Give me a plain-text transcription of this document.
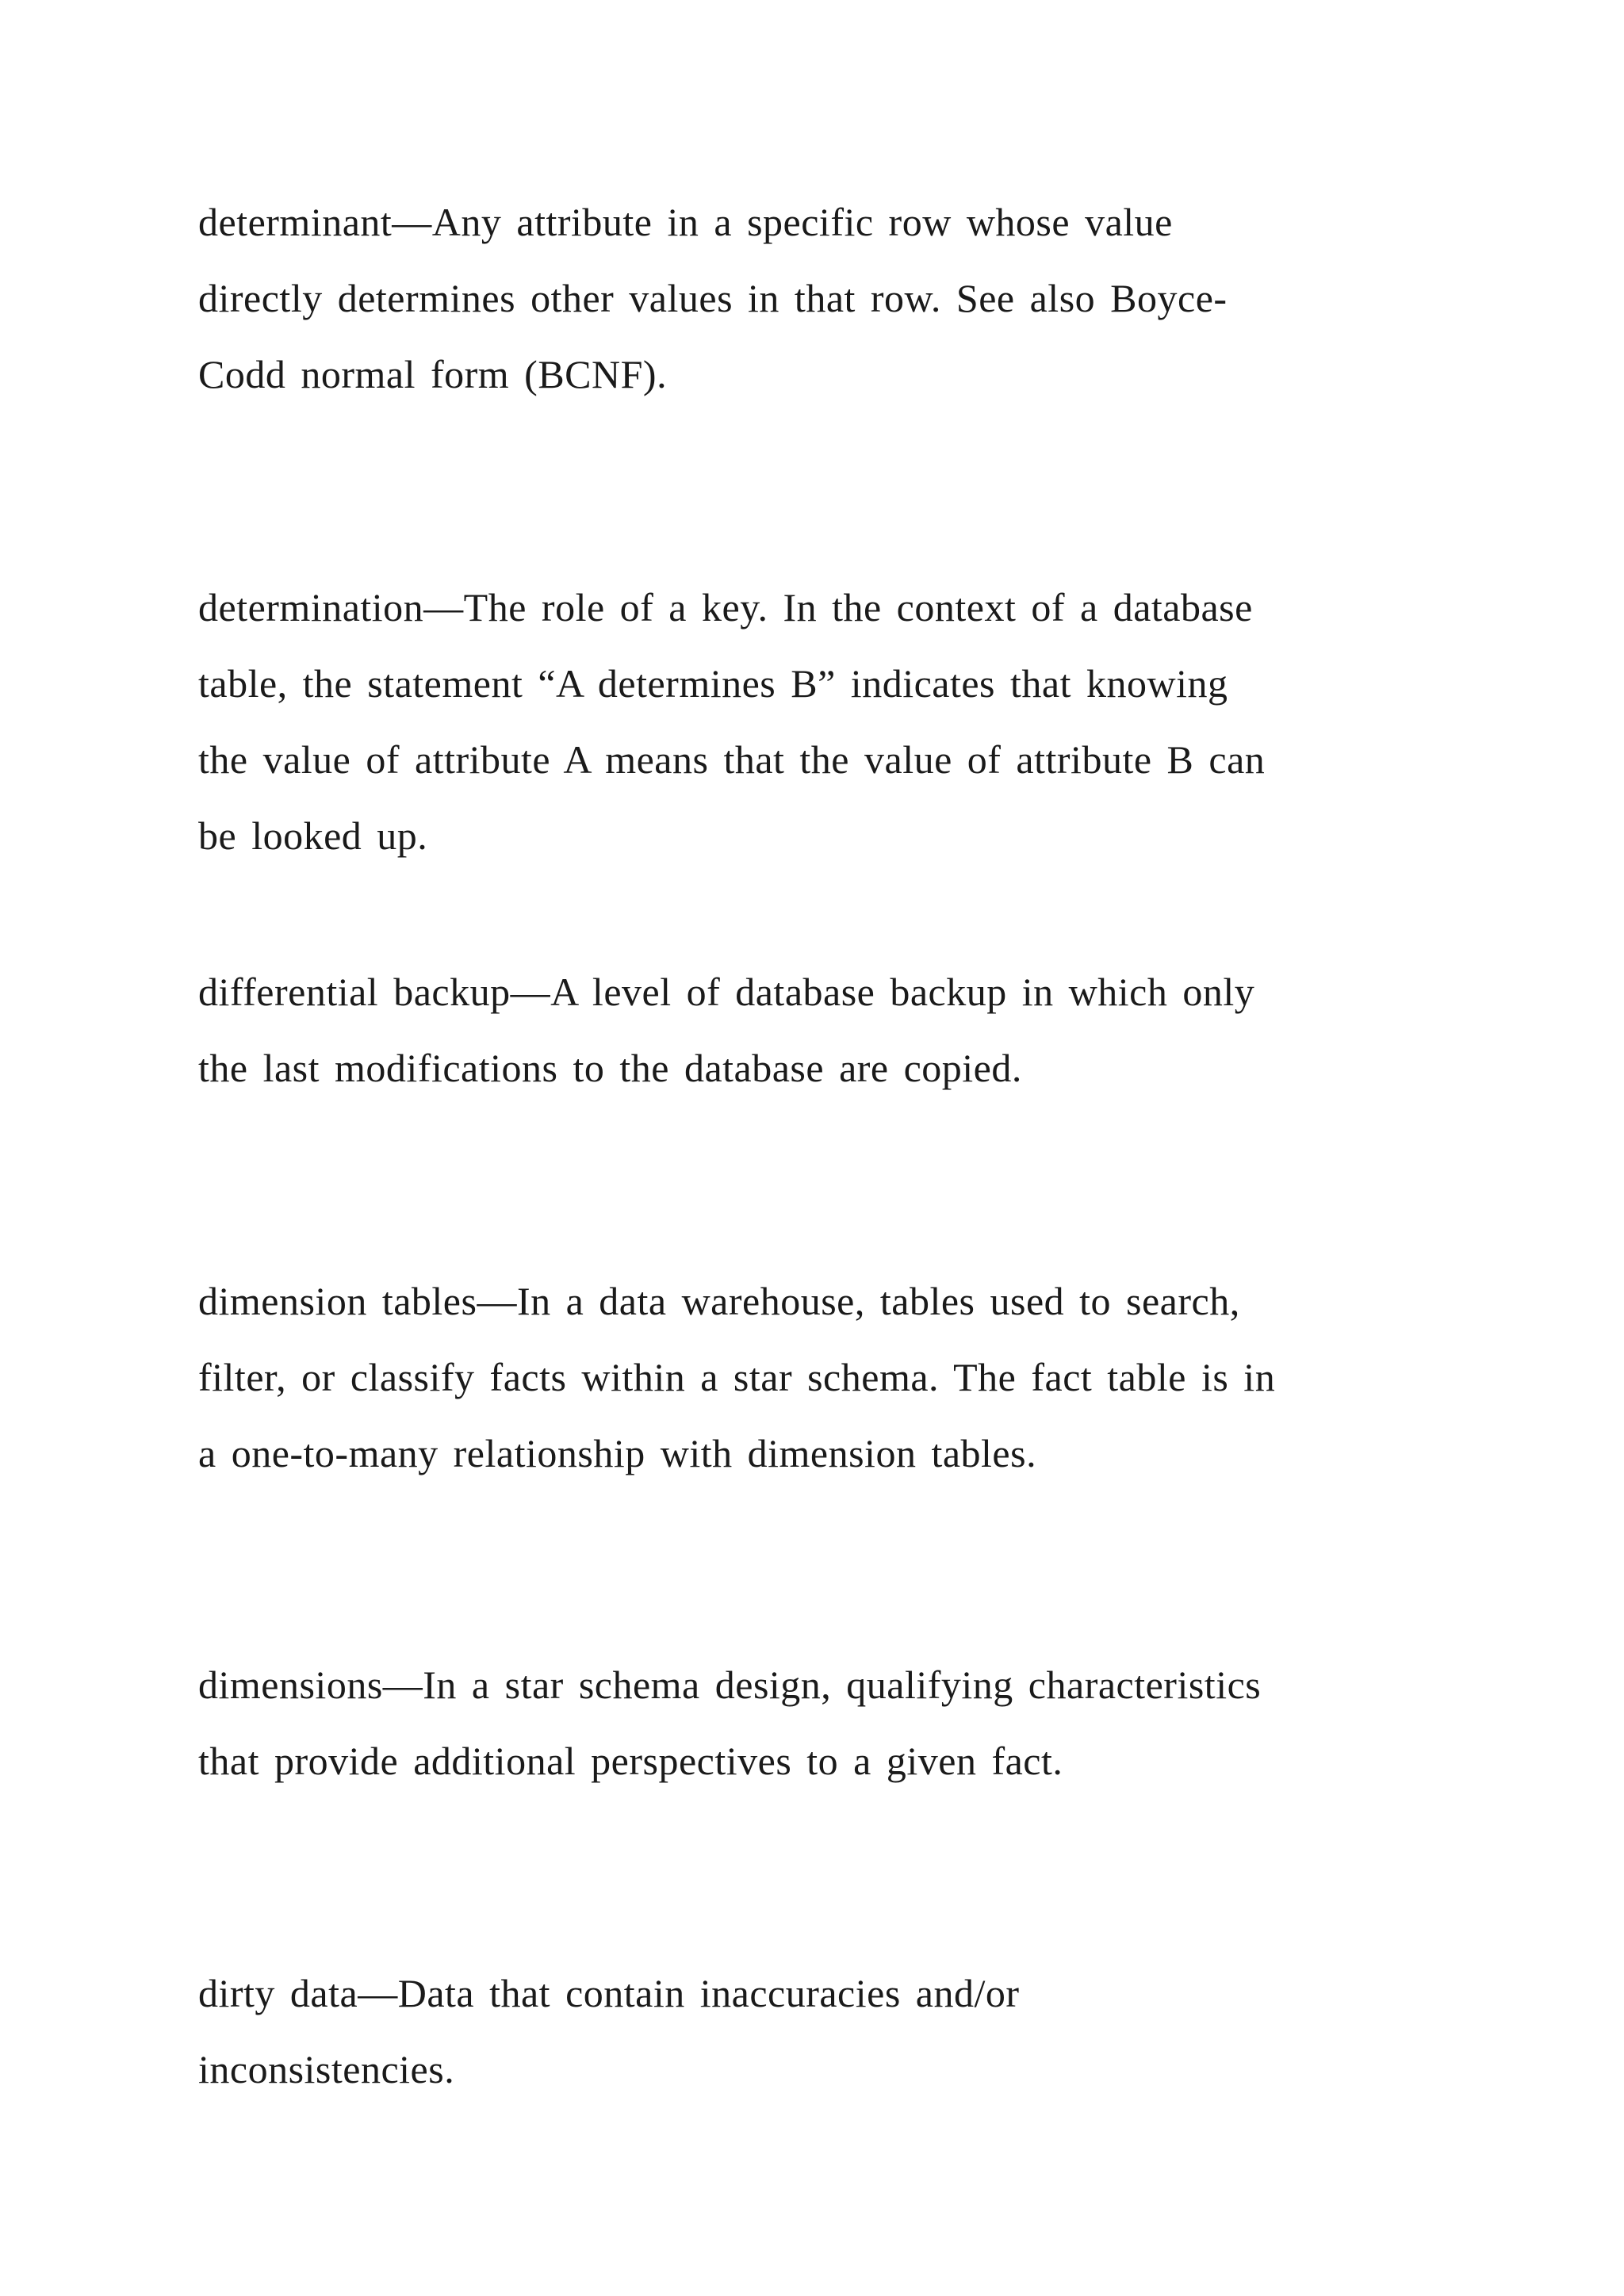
determinant—Any attribute in a specific row whose value
directly determines other values in that row. See also Boyce-
Codd normal form (BCNF).

determination—The role of a key. In the context of a database
table, the statement “A determines B” indicates that knowing
the value of attribute A means that the value of attribute B can
be looked up.

differential backup—A level of database backup in which only
the last modifications to the database are copied.

dimension tables—In a data warehouse, tables used to search,
filter, or classify facts within a star schema. The fact table is in
a one-to-many relationship with dimension tables.

dimensions—In a star schema design, qualifying characteristics
that provide additional perspectives to a given fact.

dirty data—Data that contain inaccuracies and/or
inconsistencies.
